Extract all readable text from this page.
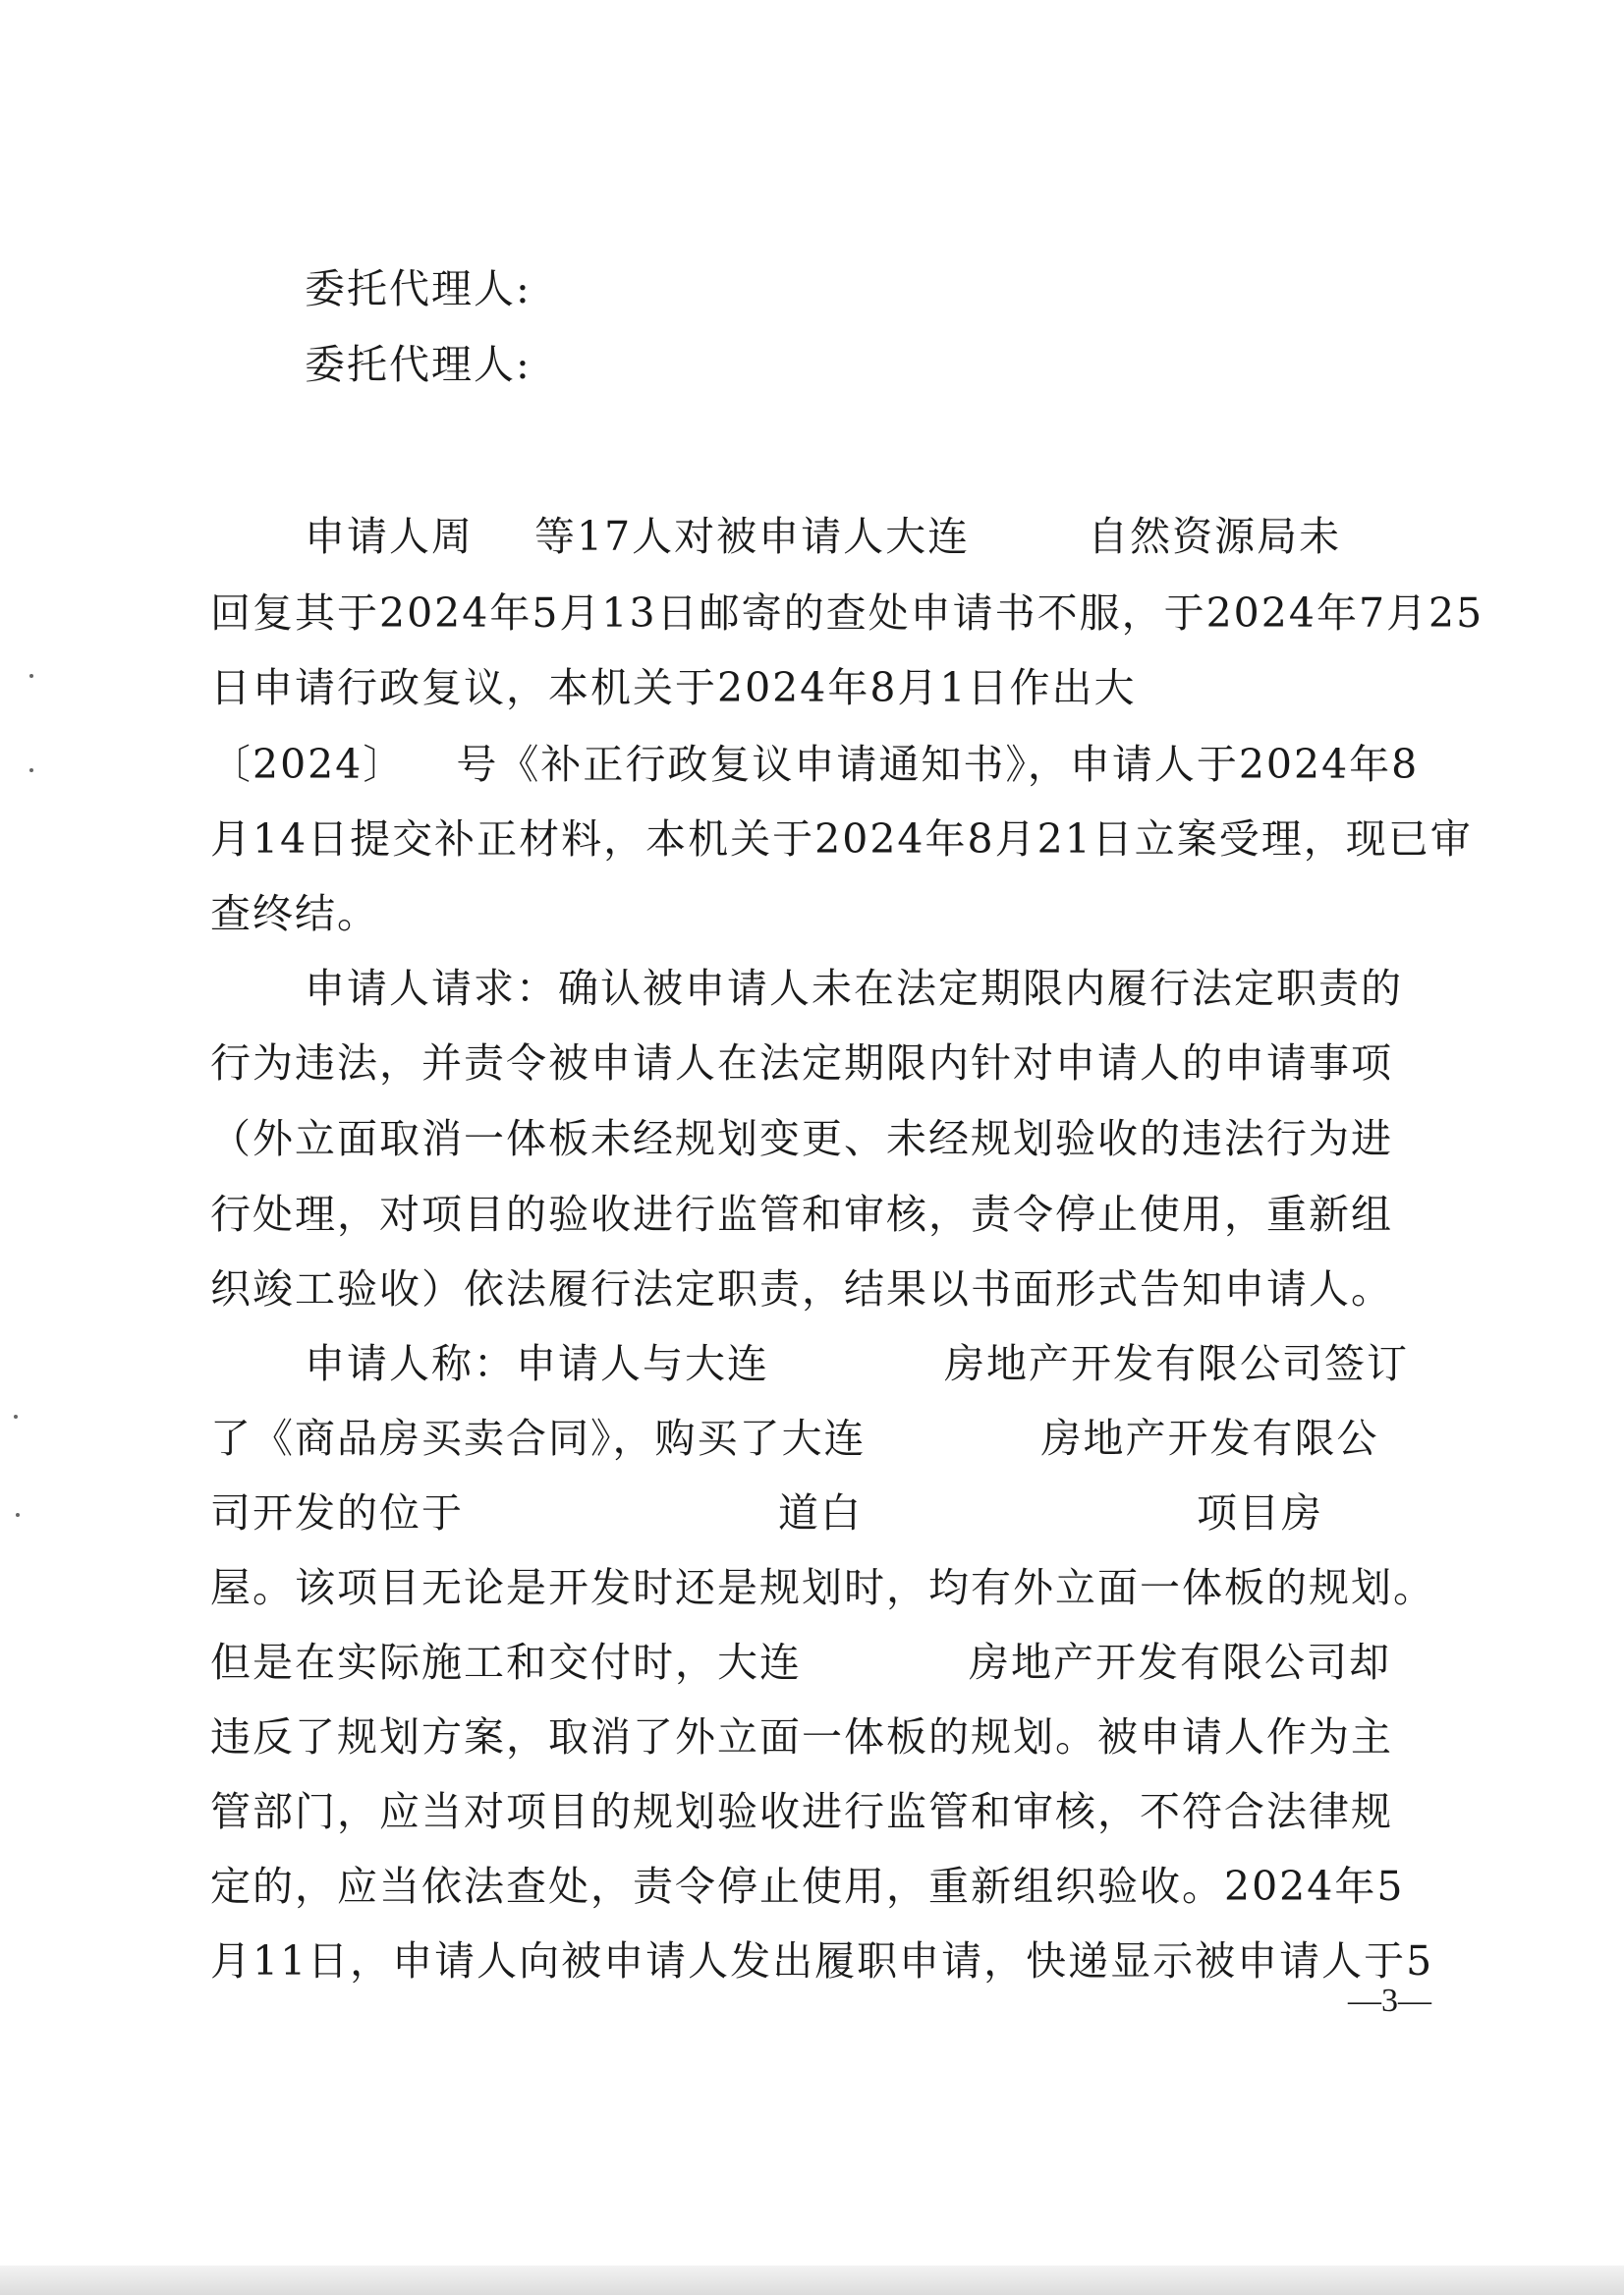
委托代理人:
委托代理人:
申请人周 等17人对被申请人大连	自然资源局未
回复其于2024年5月13日邮寄的查处申请书不服，于2024年7月25
日申请行政复议，本机关于2024年8月1日作出大
〔2024〕 号《补正行政复议申请通知书》，申请人于2024年8
月14日提交补正材料，本机关于2024年8月21日立案受理，现已审
查终结。
申请人请求：确认被申请人未在法定期限内履行法定职责的
行为违法，并责令被申请人在法定期限内针对申请人的申请事项
（外立面取消一体板未经规划变更、未经规划验收的违法行为进
行处理，对项目的验收进行监管和审核，责令停止使用，重新组
织竣工验收）依法履行法定职责，结果以书面形式告知申请人。
申请人称：申请人与大连	房地产开发有限公司签订
了《商品房买卖合同》，购买了大连	房地产开发有限公
司开发的位于	道白	项目房
屋。该项目无论是开发时还是规划时，均有外立面一体板的规划。
但是在实际施工和交付时，大连	房地产开发有限公司却
违反了规划方案，取消了外立面一体板的规划。被申请人作为主
管部门，应当对项目的规划验收进行监管和审核，不符合法律规
定的，应当依法查处，责令停止使用，重新组织验收。2024年5
月11日，申请人向被申请人发出履职申请，快递显示被申请人于5
—3—
